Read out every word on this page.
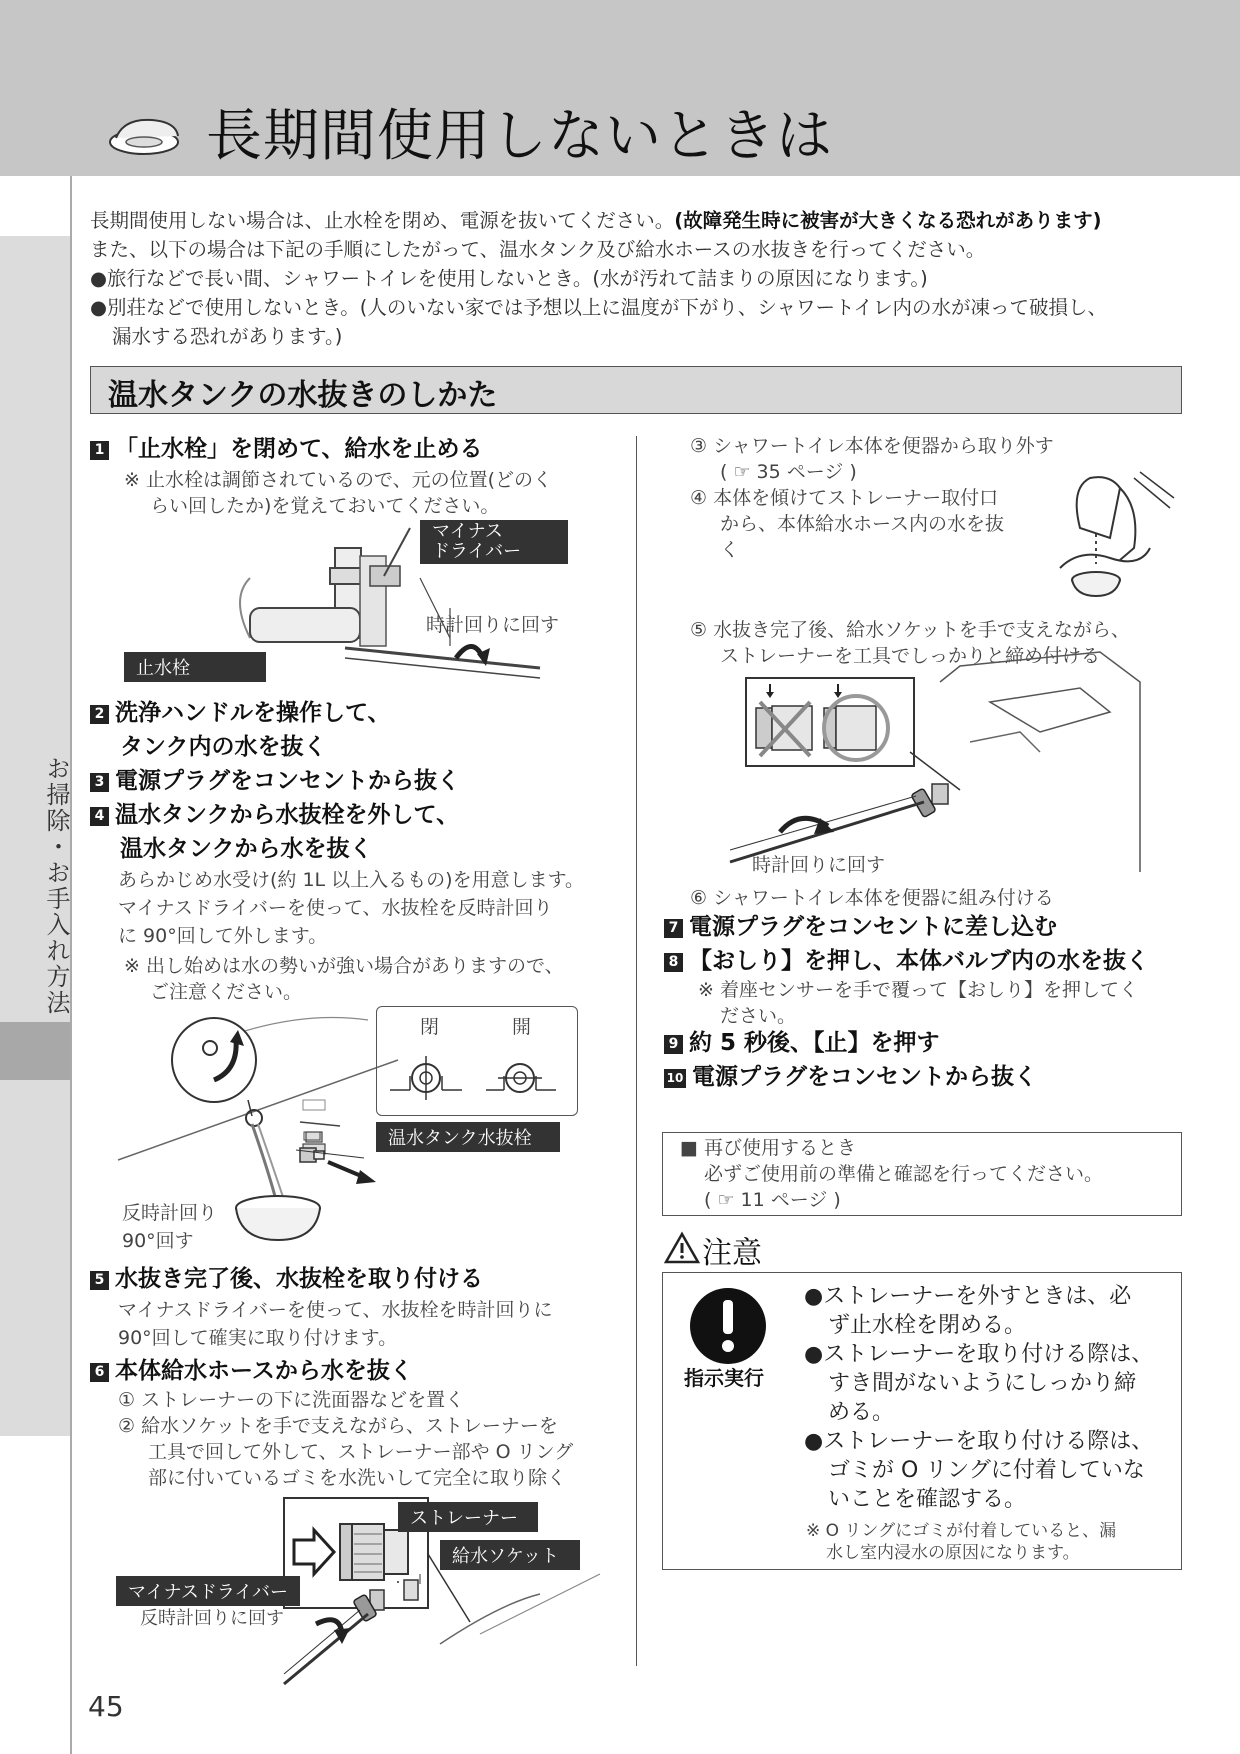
長期間使用しないときは
お掃除・お手入れ方法

長期間使用しない場合は、止水栓を閉め、電源を抜いてください。(故障発生時に被害が大きくなる恐れがあります)

また、以下の場合は下記の手順にしたがって、温水タンク及び給水ホースの水抜きを行ってください。

●旅行などで長い間、シャワートイレを使用しないとき。(水が汚れて詰まりの原因になります。)

●別荘などで使用しないとき。(人のいない家では予想以上に温度が下がり、シャワートイレ内の水が凍って破損し、

漏水する恐れがあります。)

温水タンクの水抜きのしかた
1 「止水栓」を閉めて、給水を止める
※ 止水栓は調節されているので、元の位置(どのく
らい回したか)を覚えておいてください。
マイナス
ドライバー
時計回りに回す
止水栓
2 洗浄ハンドルを操作して、
タンク内の水を抜く
3 電源プラグをコンセントから抜く
4 温水タンクから水抜栓を外して、
温水タンクから水を抜く
あらかじめ水受け(約 1L 以上入るもの)を用意します。
マイナスドライバーを使って、水抜栓を反時計回り
に 90°回して外します。
※ 出し始めは水の勢いが強い場合がありますので、
ご注意ください。
閉	開
温水タンク水抜栓
反時計回り
90°回す
5 水抜き完了後、水抜栓を取り付ける
マイナスドライバーを使って、水抜栓を時計回りに
90°回して確実に取り付けます。
6 本体給水ホースから水を抜く
① ストレーナーの下に洗面器などを置く
② 給水ソケットを手で支えながら、ストレーナーを
工具で回して外して、ストレーナー部や O リング
部に付いているゴミを水洗いして完全に取り除く
ストレーナー
給水ソケット
マイナスドライバー
反時計回りに回す
45
③ シャワートイレ本体を便器から取り外す
( ☞ 35 ページ )
④ 本体を傾けてストレーナー取付口
から、本体給水ホース内の水を抜
く
⑤ 水抜き完了後、給水ソケットを手で支えながら、
ストレーナーを工具でしっかりと締め付ける
時計回りに回す
⑥ シャワートイレ本体を便器に組み付ける
7 電源プラグをコンセントに差し込む
8 【おしり】を押し、本体バルブ内の水を抜く
※ 着座センサーを手で覆って【おしり】を押してく
ださい。
9 約 5 秒後、【止】を押す
10 電源プラグをコンセントから抜く
■ 再び使用するとき
必ずご使用前の準備と確認を行ってください。
( ☞ 11 ページ )
注意
指示実行
●ストレーナーを外すときは、必
ず止水栓を閉める。
●ストレーナーを取り付ける際は、
すき間がないようにしっかり締
める。
●ストレーナーを取り付ける際は、
ゴミが O リングに付着していな
いことを確認する。
※ O リングにゴミが付着していると、漏
水し室内浸水の原因になります。
